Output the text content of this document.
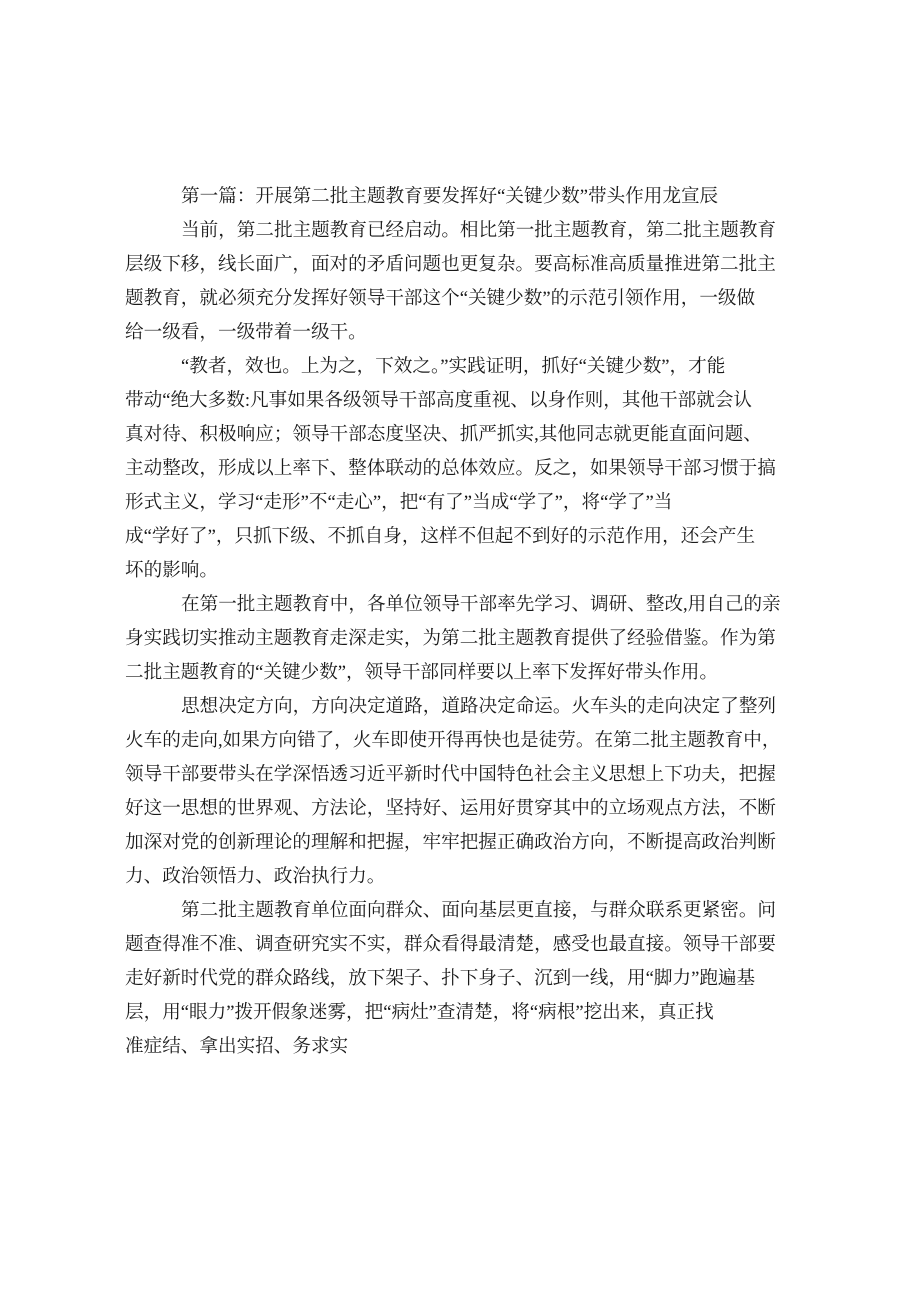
第一篇：开展第二批主题教育要发挥好“关键少数”带头作用龙宣辰
当前，第二批主题教育已经启动。相比第一批主题教育，第二批主题教育
层级下移，线长面广，面对的矛盾问题也更复杂。要高标准高质量推进第二批主
题教育，就必须充分发挥好领导干部这个“关键少数”的示范引领作用，一级做
给一级看，一级带着一级干。
“教者，效也。上为之，下效之。”实践证明，抓好“关键少数”，才能
带动“绝大多数:凡事如果各级领导干部高度重视、以身作则，其他干部就会认
真对待、积极响应；领导干部态度坚决、抓严抓实,其他同志就更能直面问题、
主动整改，形成以上率下、整体联动的总体效应。反之，如果领导干部习惯于搞
形式主义，学习“走形”不“走心”，把“有了”当成“学了”，将“学了”当
成“学好了”，只抓下级、不抓自身，这样不但起不到好的示范作用，还会产生
坏的影响。
在第一批主题教育中，各单位领导干部率先学习、调研、整改,用自己的亲
身实践切实推动主题教育走深走实，为第二批主题教育提供了经验借鉴。作为第
二批主题教育的“关键少数”，领导干部同样要以上率下发挥好带头作用。
思想决定方向，方向决定道路，道路决定命运。火车头的走向决定了整列
火车的走向,如果方向错了，火车即使开得再快也是徒劳。在第二批主题教育中，
领导干部要带头在学深悟透习近平新时代中国特色社会主义思想上下功夫，把握
好这一思想的世界观、方法论，坚持好、运用好贯穿其中的立场观点方法，不断
加深对党的创新理论的理解和把握，牢牢把握正确政治方向，不断提高政治判断
力、政治领悟力、政治执行力。
第二批主题教育单位面向群众、面向基层更直接，与群众联系更紧密。问
题查得准不准、调查研究实不实，群众看得最清楚，感受也最直接。领导干部要
走好新时代党的群众路线，放下架子、扑下身子、沉到一线，用“脚力”跑遍基
层，用“眼力”拨开假象迷雾，把“病灶”查清楚，将“病根”挖出来，真正找
准症结、拿出实招、务求实
